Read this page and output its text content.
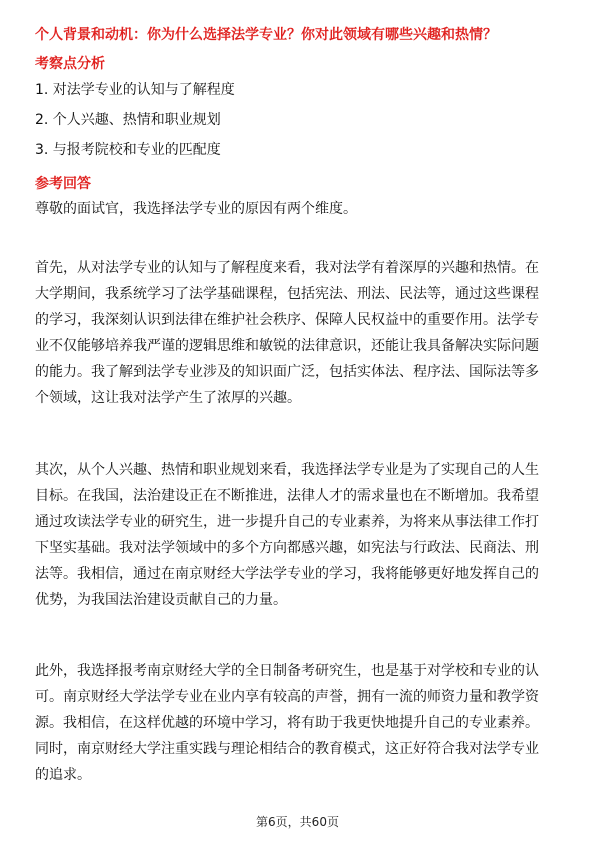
个人背景和动机：你为什么选择法学专业？你对此领域有哪些兴趣和热情？
考察点分析
1. 对法学专业的认知与了解程度
2. 个人兴趣、热情和职业规划
3. 与报考院校和专业的匹配度
参考回答
尊敬的面试官，我选择法学专业的原因有两个维度。
首先，从对法学专业的认知与了解程度来看，我对法学有着深厚的兴趣和热情。在
大学期间，我系统学习了法学基础课程，包括宪法、刑法、民法等，通过这些课程
的学习，我深刻认识到法律在维护社会秩序、保障人民权益中的重要作用。法学专
业不仅能够培养我严谨的逻辑思维和敏锐的法律意识，还能让我具备解决实际问题
的能力。我了解到法学专业涉及的知识面广泛，包括实体法、程序法、国际法等多
个领域，这让我对法学产生了浓厚的兴趣。
其次，从个人兴趣、热情和职业规划来看，我选择法学专业是为了实现自己的人生
目标。在我国，法治建设正在不断推进，法律人才的需求量也在不断增加。我希望
通过攻读法学专业的研究生，进一步提升自己的专业素养，为将来从事法律工作打
下坚实基础。我对法学领域中的多个方向都感兴趣，如宪法与行政法、民商法、刑
法等。我相信，通过在南京财经大学法学专业的学习，我将能够更好地发挥自己的
优势，为我国法治建设贡献自己的力量。
此外，我选择报考南京财经大学的全日制备考研究生，也是基于对学校和专业的认
可。南京财经大学法学专业在业内享有较高的声誉，拥有一流的师资力量和教学资
源。我相信，在这样优越的环境中学习，将有助于我更快地提升自己的专业素养。
同时，南京财经大学注重实践与理论相结合的教育模式，这正好符合我对法学专业
的追求。
第6页，共60页
